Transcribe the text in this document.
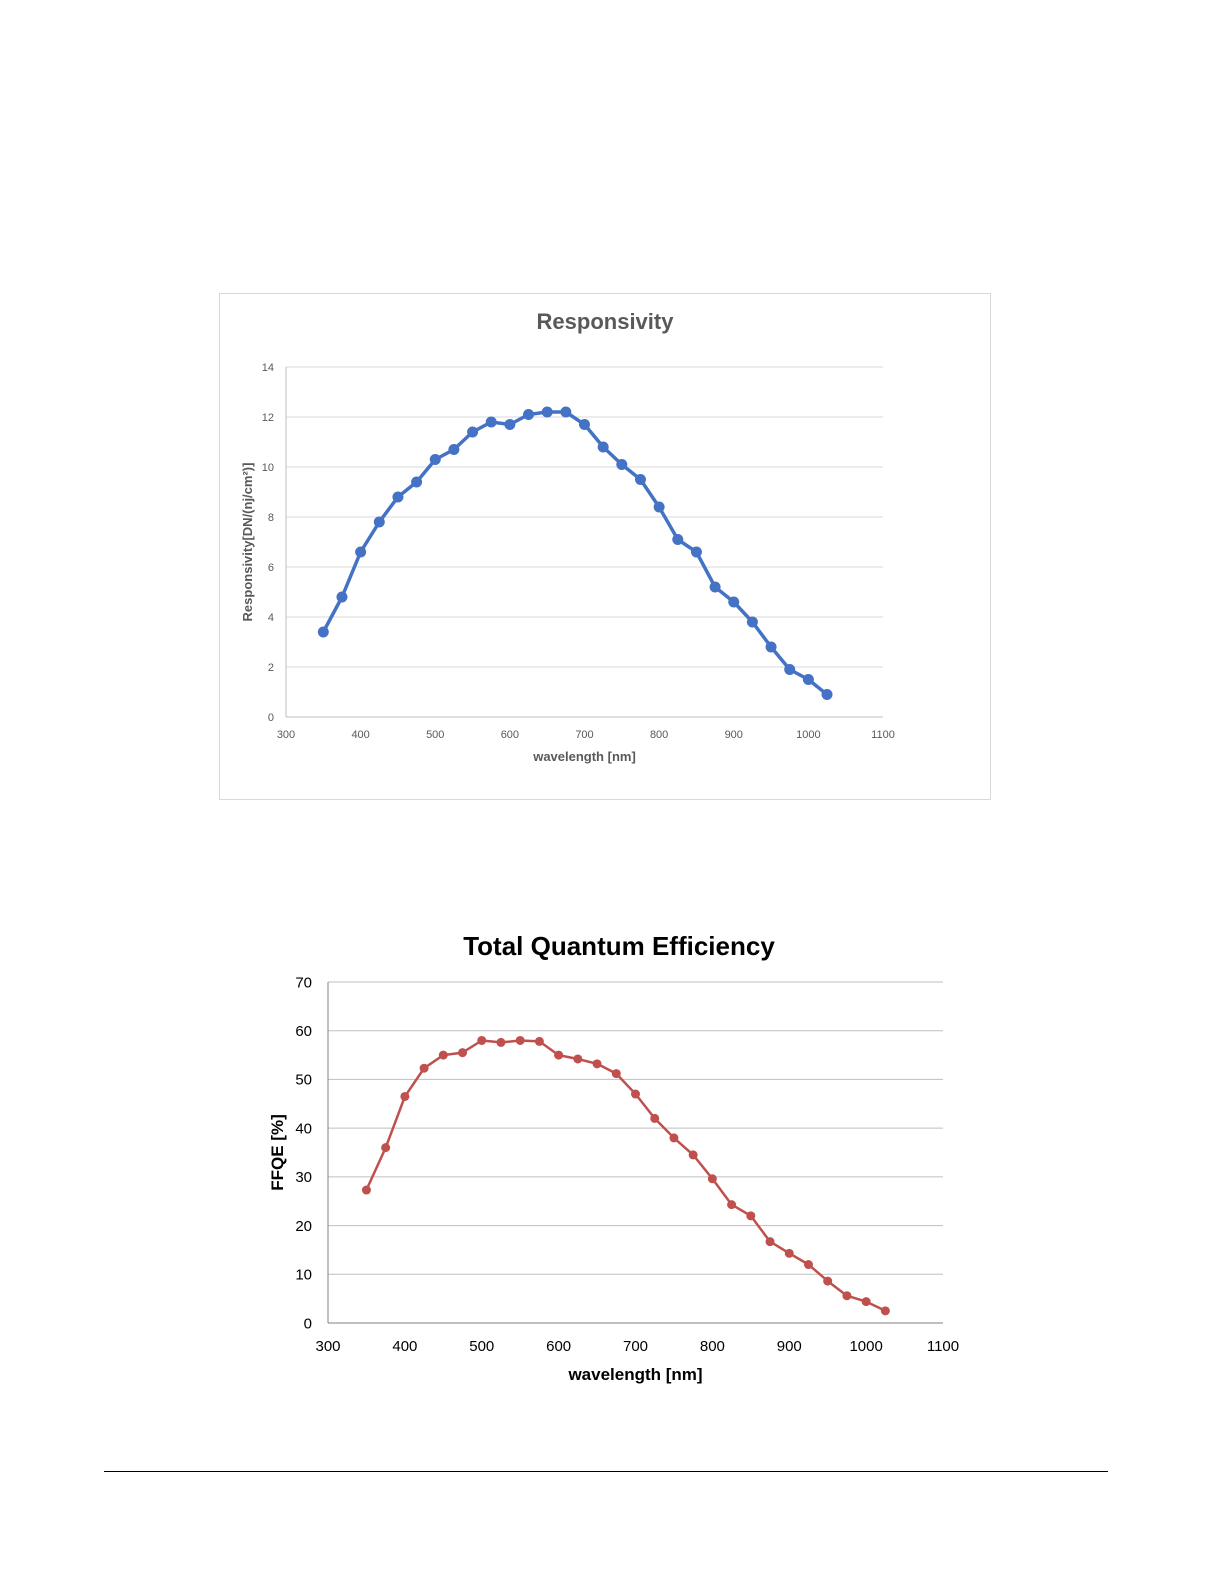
0
2
4
6
8
10
12
14
300	400	500	600	700	800	900	1000	1100
Responsivity
wavelength [nm]
Responsivity[DN/(nj/cm²)]
0
10
20
30
40
50
60
70
300	400	500	600	700	800	900	1000	1100
Total Quantum Efficiency
wavelength [nm]
FFQE [%]
